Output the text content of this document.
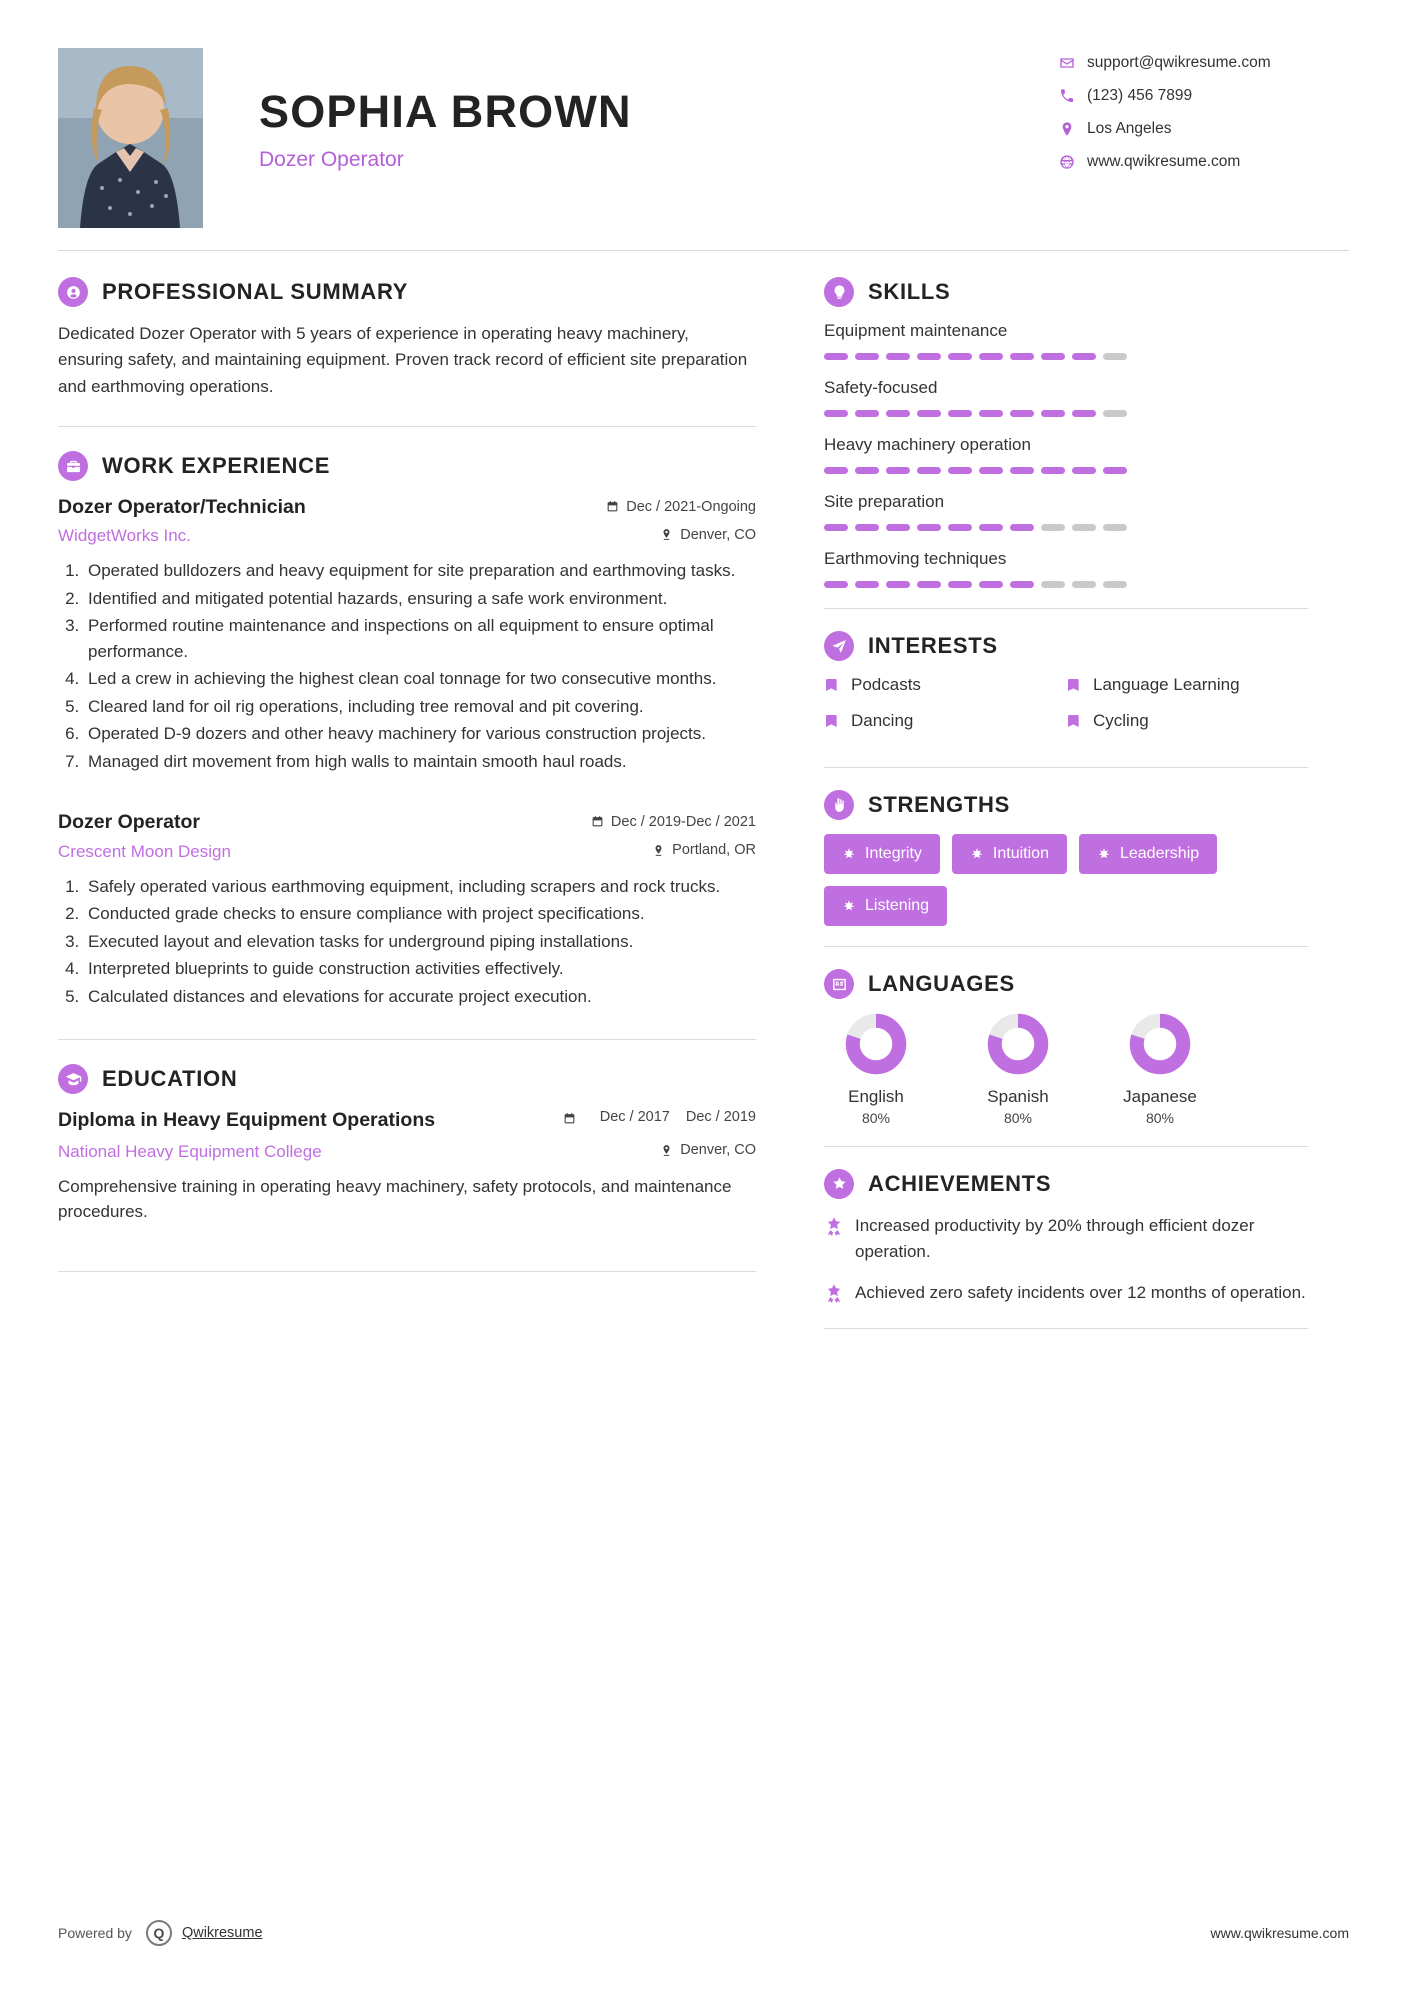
SOPHIA BROWN
Dozer Operator
support@qwikresume.com
(123) 456 7899
Los Angeles
www.qwikresume.com
PROFESSIONAL SUMMARY
Dedicated Dozer Operator with 5 years of experience in operating heavy machinery, ensuring safety, and maintaining equipment. Proven track record of efficient site preparation and earthmoving operations.
WORK EXPERIENCE
Dozer Operator/Technician	Dec / 2021-Ongoing
WidgetWorks Inc.	Denver, CO
1. Operated bulldozers and heavy equipment for site preparation and earthmoving tasks.
2. Identified and mitigated potential hazards, ensuring a safe work environment.
3. Performed routine maintenance and inspections on all equipment to ensure optimal performance.
4. Led a crew in achieving the highest clean coal tonnage for two consecutive months.
5. Cleared land for oil rig operations, including tree removal and pit covering.
6. Operated D-9 dozers and other heavy machinery for various construction projects.
7. Managed dirt movement from high walls to maintain smooth haul roads.
Dozer Operator	Dec / 2019-Dec / 2021
Crescent Moon Design	Portland, OR
1. Safely operated various earthmoving equipment, including scrapers and rock trucks.
2. Conducted grade checks to ensure compliance with project specifications.
3. Executed layout and elevation tasks for underground piping installations.
4. Interpreted blueprints to guide construction activities effectively.
5. Calculated distances and elevations for accurate project execution.
EDUCATION
Diploma in Heavy Equipment Operations	Dec / 2017 Dec / 2019
National Heavy Equipment College	Denver, CO
Comprehensive training in operating heavy machinery, safety protocols, and maintenance procedures.
SKILLS
Equipment maintenance
Safety-focused
Heavy machinery operation
Site preparation
Earthmoving techniques
INTERESTS
Podcasts	Language Learning
Dancing	Cycling
STRENGTHS
Integrity	Intuition	Leadership
Listening
LANGUAGES
English
80%
Spanish
80%
Japanese
80%
ACHIEVEMENTS
Increased productivity by 20% through efficient dozer operation.
Achieved zero safety incidents over 12 months of operation.
Powered by	Q	Qwikresume	www.qwikresume.com
